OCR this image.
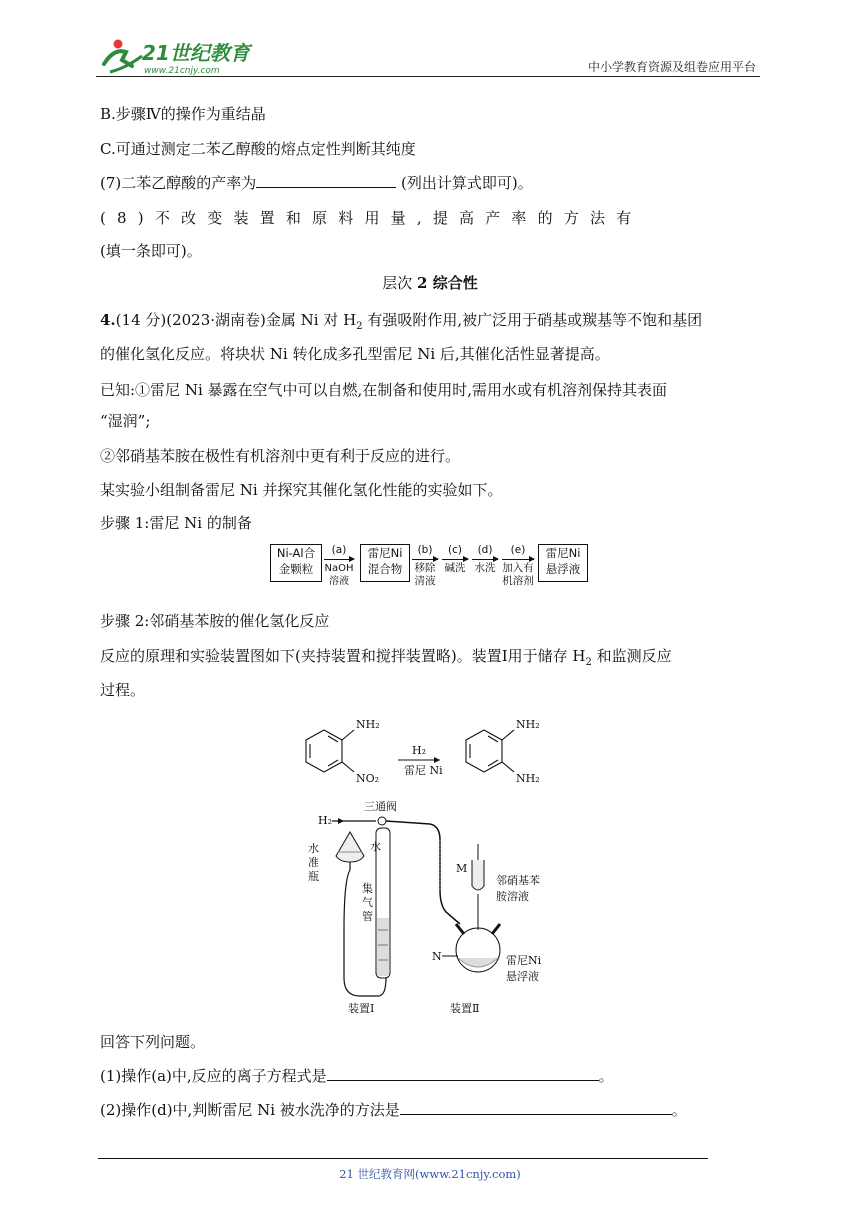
21世纪教育
www.21cnjy.com	中小学教育资源及组卷应用平台
B.步骤Ⅳ的操作为重结晶
C.可通过测定二苯乙醇酸的熔点定性判断其纯度
(7)二苯乙醇酸的产率为	(列出计算式即可)。
(8)不改变装置和原料用量,提高产率的方法有
(填一条即可)。
层次 2 综合性
4.(14 分)(2023·湖南卷)金属 Ni 对 $H_2$ 有强吸附作用,被广泛用于硝基或羰基等不饱和基团
的催化氢化反应。将块状 Ni 转化成多孔型雷尼 Ni 后,其催化活性显著提高。
已知:①雷尼 Ni 暴露在空气中可以自燃,在制备和使用时,需用水或有机溶剂保持其表面
“湿润”;
②邻硝基苯胺在极性有机溶剂中更有利于反应的进行。
某实验小组制备雷尼 Ni 并探究其催化氢化性能的实验如下。
步骤 1:雷尼 Ni 的制备
Ni-Al合
金颗粒
(a)
NaOH
溶液
雷尼Ni
混合物
(b)
移除
清液
(c)
碱洗
(d)
水洗
(e)
加入有
机溶剂
雷尼Ni
悬浮液
步骤 2:邻硝基苯胺的催化氢化反应
反应的原理和实验装置图如下(夹持装置和搅拌装置略)。装置Ⅰ用于储存 $H_2$ 和监测反应
过程。
NH₂
NO₂
H₂
雷尼 Ni
NH₂
NH₂
H₂
三通阀
水
准
瓶
水
集
气
管
M
邻硝基苯
胺溶液
N	雷尼Ni
悬浮液
装置Ⅰ	装置Ⅱ
回答下列问题。
(1)操作(a)中,反应的离子方程式是	。
(2)操作(d)中,判断雷尼 Ni 被水洗净的方法是	。
21 世纪教育网(www.21cnjy.com)
